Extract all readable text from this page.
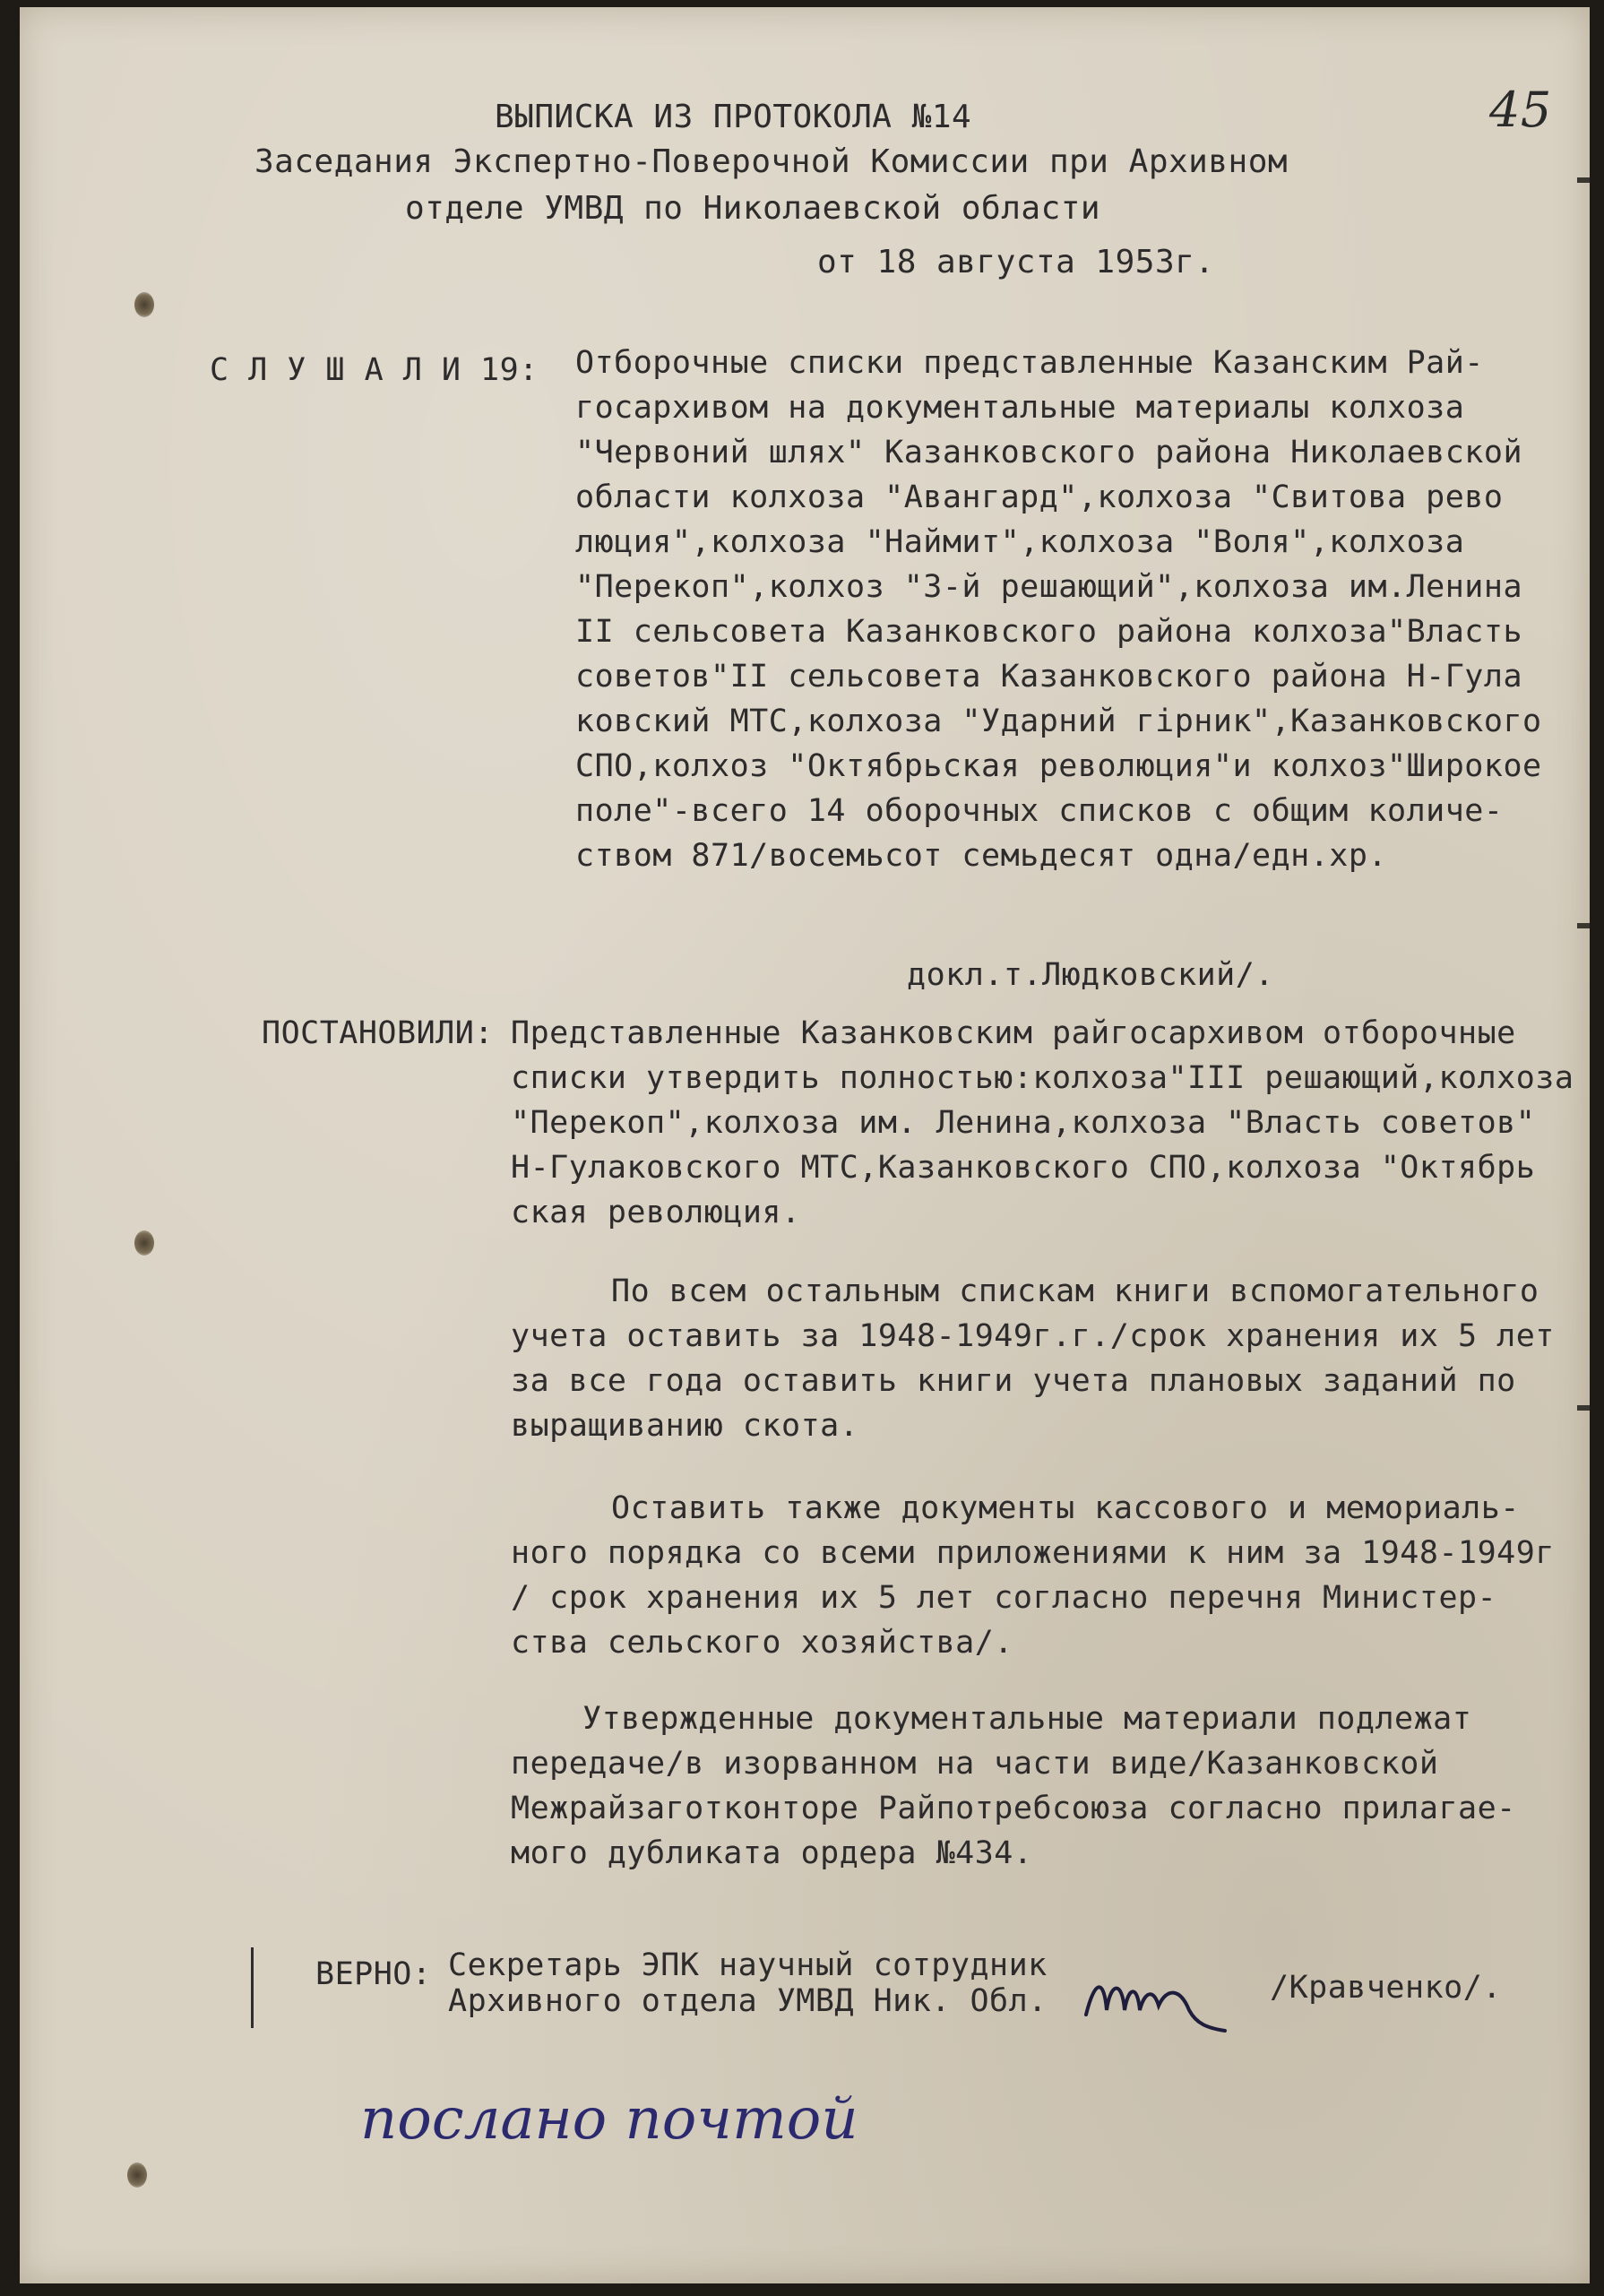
45
ВЫПИСКА ИЗ ПРОТОКОЛА №14
Заседания Экспертно-Поверочной Комиссии при Архивном
отделе УМВД по Николаевской области
от 18 августа 1953г.
С Л У Ш А Л И 19: Отборочные списки представленные Казанским Рай-
госархивом на документальные материалы колхоза
"Червоний шлях" Казанковского района Николаевской
области колхоза "Авангард",колхоза "Свитова рево
люция",колхоза "Наймит",колхоза "Воля",колхоза
"Перекоп",колхоз "3-й решающий",колхоза им.Ленина
II сельсовета Казанковского района колхоза"Власть
советов"II сельсовета Казанковского района Н-Гула
ковский МТС,колхоза "Ударний гірник",Казанковского
СПО,колхоз "Октябрьская революция"и колхоз"Широкое
поле"-всего 14 оборочных списков с общим количе-
ством 871/восемьсот семьдесят одна/едн.хр.
докл.т.Людковский/.
ПОСТАНОВИЛИ: Представленные Казанковским райгосархивом отборочные
списки утвердить полностью:колхоза"III решающий,колхоза
"Перекоп",колхоза им. Ленина,колхоза "Власть советов"
Н-Гулаковского МТС,Казанковского СПО,колхоза "Октябрь
ская революция.
По всем остальным спискам книги вспомогательного
учета оставить за 1948-1949г.г./срок хранения их 5 лет
за все года оставить книги учета плановых заданий по
выращиванию скота.
Оставить также документы кассового и мемориаль-
ного порядка со всеми приложениями к ним за 1948-1949г
/ срок хранения их 5 лет согласно перечня Министер-
ства сельского хозяйства/.
Утвержденные документальные материали подлежат
передаче/в изорванном на части виде/Казанковской
Межрайзаготконторе Райпотребсоюза согласно прилагае-
мого дубликата ордера №434.
ВЕРНО: Секретарь ЭПК научный сотрудник
Архивного отдела УМВД Ник. Обл.	/Кравченко/.
послано почтой
